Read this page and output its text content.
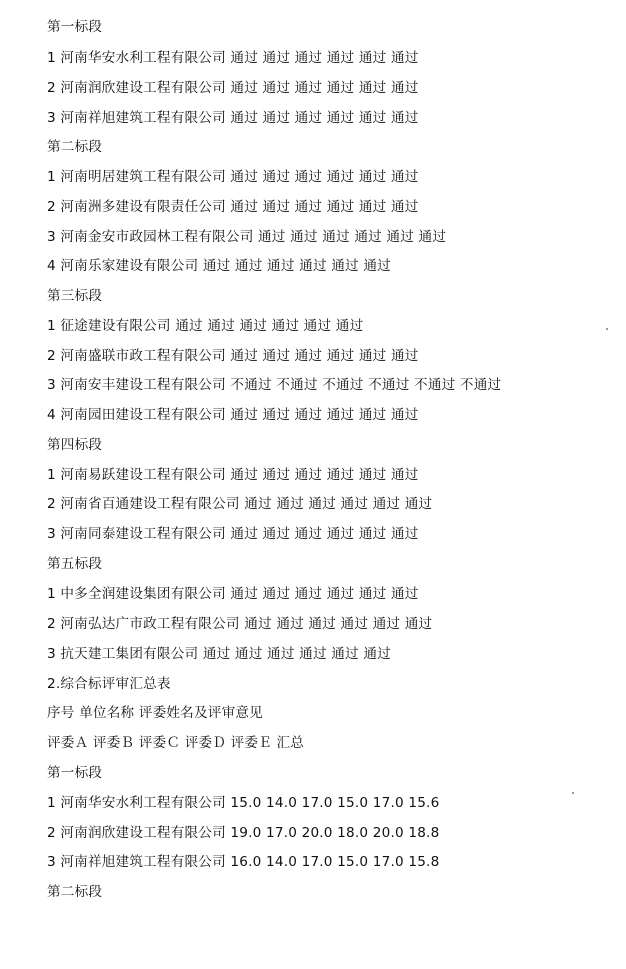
第一标段
1 河南华安水利工程有限公司 通过 通过 通过 通过 通过 通过
2 河南润欣建设工程有限公司 通过 通过 通过 通过 通过 通过
3 河南祥旭建筑工程有限公司 通过 通过 通过 通过 通过 通过
第二标段
1 河南明居建筑工程有限公司 通过 通过 通过 通过 通过 通过
2 河南洲多建设有限责任公司 通过 通过 通过 通过 通过 通过
3 河南金安市政园林工程有限公司 通过 通过 通过 通过 通过 通过
4 河南乐家建设有限公司 通过 通过 通过 通过 通过 通过
第三标段
1 征途建设有限公司 通过 通过 通过 通过 通过 通过
2 河南盛联市政工程有限公司 通过 通过 通过 通过 通过 通过
3 河南安丰建设工程有限公司 不通过 不通过 不通过 不通过 不通过 不通过
4 河南园田建设工程有限公司 通过 通过 通过 通过 通过 通过
第四标段
1 河南易跃建设工程有限公司 通过 通过 通过 通过 通过 通过
2 河南省百通建设工程有限公司 通过 通过 通过 通过 通过 通过
3 河南同泰建设工程有限公司 通过 通过 通过 通过 通过 通过
第五标段
1 中多全润建设集团有限公司 通过 通过 通过 通过 通过 通过
2 河南弘达广市政工程有限公司 通过 通过 通过 通过 通过 通过
3 抗天建工集团有限公司 通过 通过 通过 通过 通过 通过
2.综合标评审汇总表
序号 单位名称 评委姓名及评审意见
评委Ａ 评委Ｂ 评委Ｃ 评委Ｄ 评委Ｅ 汇总
第一标段
1 河南华安水利工程有限公司 15.0 14.0 17.0 15.0 17.0 15.6
2 河南润欣建设工程有限公司 19.0 17.0 20.0 18.0 20.0 18.8
3 河南祥旭建筑工程有限公司 16.0 14.0 17.0 15.0 17.0 15.8
第二标段
